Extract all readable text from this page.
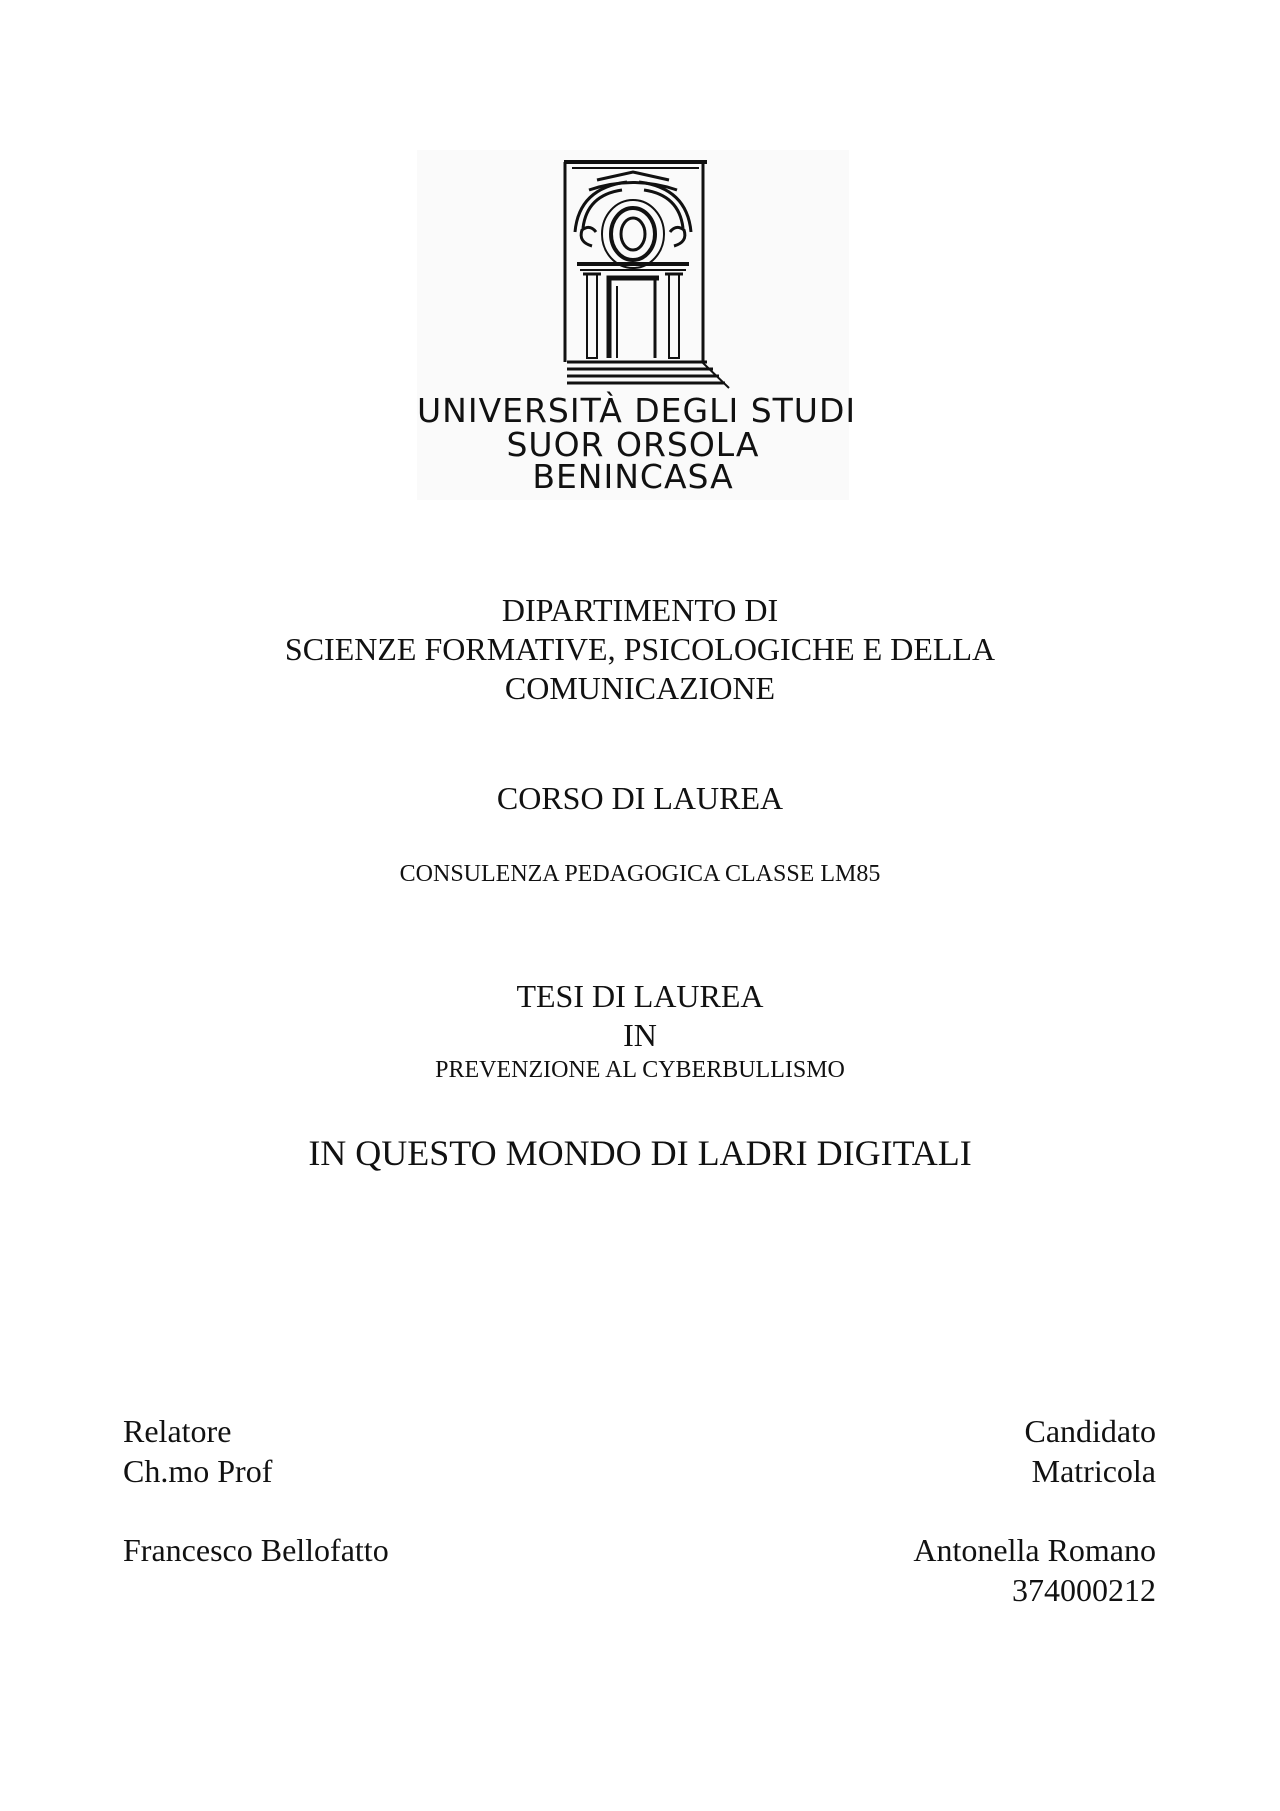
UNIVERSITÀ DEGLI STUDI
SUOR ORSOLA
BENINCASA
DIPARTIMENTO DI
SCIENZE FORMATIVE, PSICOLOGICHE E DELLA
COMUNICAZIONE
CORSO DI LAUREA
CONSULENZA PEDAGOGICA CLASSE LM85
TESI DI LAUREA
IN
PREVENZIONE AL CYBERBULLISMO
IN QUESTO MONDO DI LADRI DIGITALI
Relatore
Ch.mo Prof
Francesco Bellofatto
Candidato
Matricola
Antonella Romano
374000212
